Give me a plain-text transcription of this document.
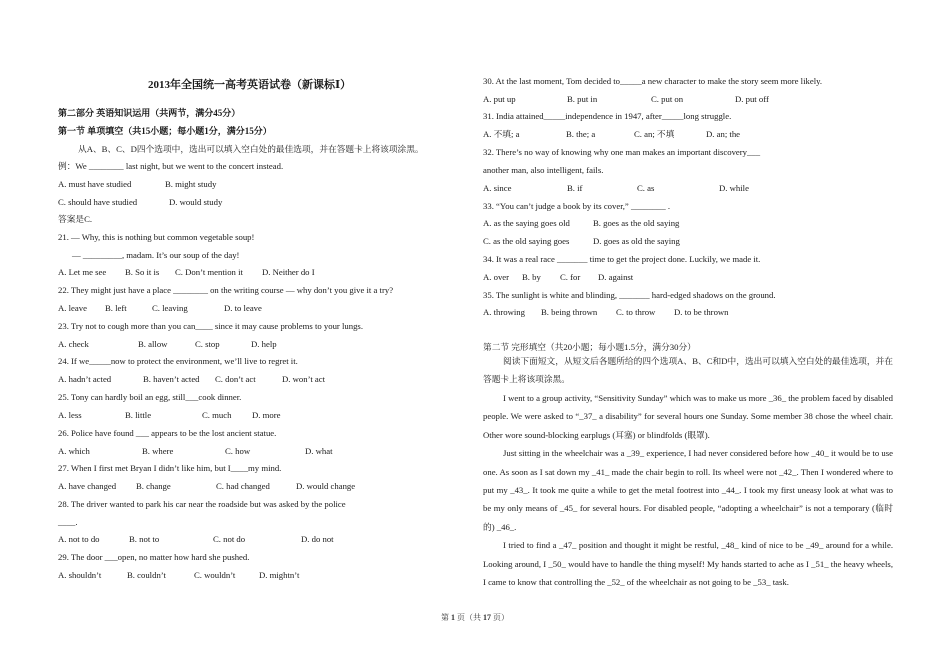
2013年全国统一高考英语试卷（新课标Ⅰ）
第二部分 英语知识运用（共两节，满分45分）
第一节 单项填空（共15小题；每小题1分，满分15分）
从A、B、C、D四个选项中，选出可以填入空白处的最佳选项，并在答题卡上将该项涂黑。
例：We ________ last night, but we went to the concert instead.
A. must have studied	B. might study
C. should have studied	D. would study
答案是C.
21. — Why, this is nothing but common vegetable soup!
— _________, madam. It’s our soup of the day!
A. Let me see B. So it is C. Don’t mention it D. Neither do I
22. They might just have a place ________ on the writing course — why don’t you give it a try?
A. leave B. left	C. leaving	D. to leave
23. Try not to cough more than you can____ since it may cause problems to your lungs.
A. check	B. allow	C. stop	D. help
24. If we_____now to protect the environment, we’ll live to regret it.
A. hadn’t acted	B. haven’t acted C. don’t act	D. won’t act
25. Tony can hardly boil an egg, still___cook dinner.
A. less	B. little	C. much D. more
26. Police have found ___ appears to be the lost ancient statue.
A. which	B. where	C. how	D. what
27. When I first met Bryan I didn’t like him, but I____my mind.
A. have changed B. change	C. had changed	D. would change
28. The driver wanted to park his car near the roadside but was asked by the police
____.
A. not to do	B. not to	C. not do	D. do not
29. The door ___open, no matter how hard she pushed.
A. shouldn’t	B. couldn’t	C. wouldn’t	D. mightn’t
30. At the last moment, Tom decided to_____a new character to make the story seem more likely.
A. put up	B. put in	C. put on	D. put off
31. India attained_____independence in 1947, after_____long struggle.
A. 不填; a	B. the; a	C. an; 不填	D. an; the
32. There’s no way of knowing why one man makes an important discovery___
another man, also intelligent, fails.
A. since	B. if	C. as	D. while
33. “You can’t judge a book by its cover,” ________ .
A. as the saying goes old	B. goes as the old saying
C. as the old saying goes	D. goes as old the saying
34. It was a real race _______ time to get the project done. Luckily, we made it.
A. over B. by C. for D. against
35. The sunlight is white and blinding, _______ hard-edged shadows on the ground.
A. throwing B. being thrown C. to throw D. to be thrown
第二节 完形填空（共20小题；每小题1.5分，满分30分）

阅读下面短文，从短文后各题所给的四个选项A、B、C和D中，选出可以填入空白处的最佳选项，并在答题卡上将该项涂黑。

I went to a group activity, “Sensitivity Sunday” which was to make us more _36_ the problem faced by disabled people. We were asked to “_37_ a disability” for several hours one Sunday. Some member 38 chose the wheel chair. Other wore sound-blocking earplugs (耳塞) or blindfolds (眼罩).

Just sitting in the wheelchair was a _39_ experience, I had never considered before how _40_ it would be to use one. As soon as I sat down my _41_ made the chair begin to roll. Its wheel were not _42_. Then I wondered where to put my _43_. It took me quite a while to get the metal footrest into _44_. I took my first uneasy look at what was to be my only means of _45_ for several hours. For disabled people, “adopting a wheelchair” is not a temporary (临时的) _46_.

I tried to find a _47_ position and thought it might be restful, _48_ kind of nice to be _49_ around for a while. Looking around, I _50_ would have to handle the thing myself! My hands started to ache as I _51_ the heavy wheels, I came to know that controlling the _52_ of the wheelchair as not going to be _53_ task.

第 1 页（共 17 页）
